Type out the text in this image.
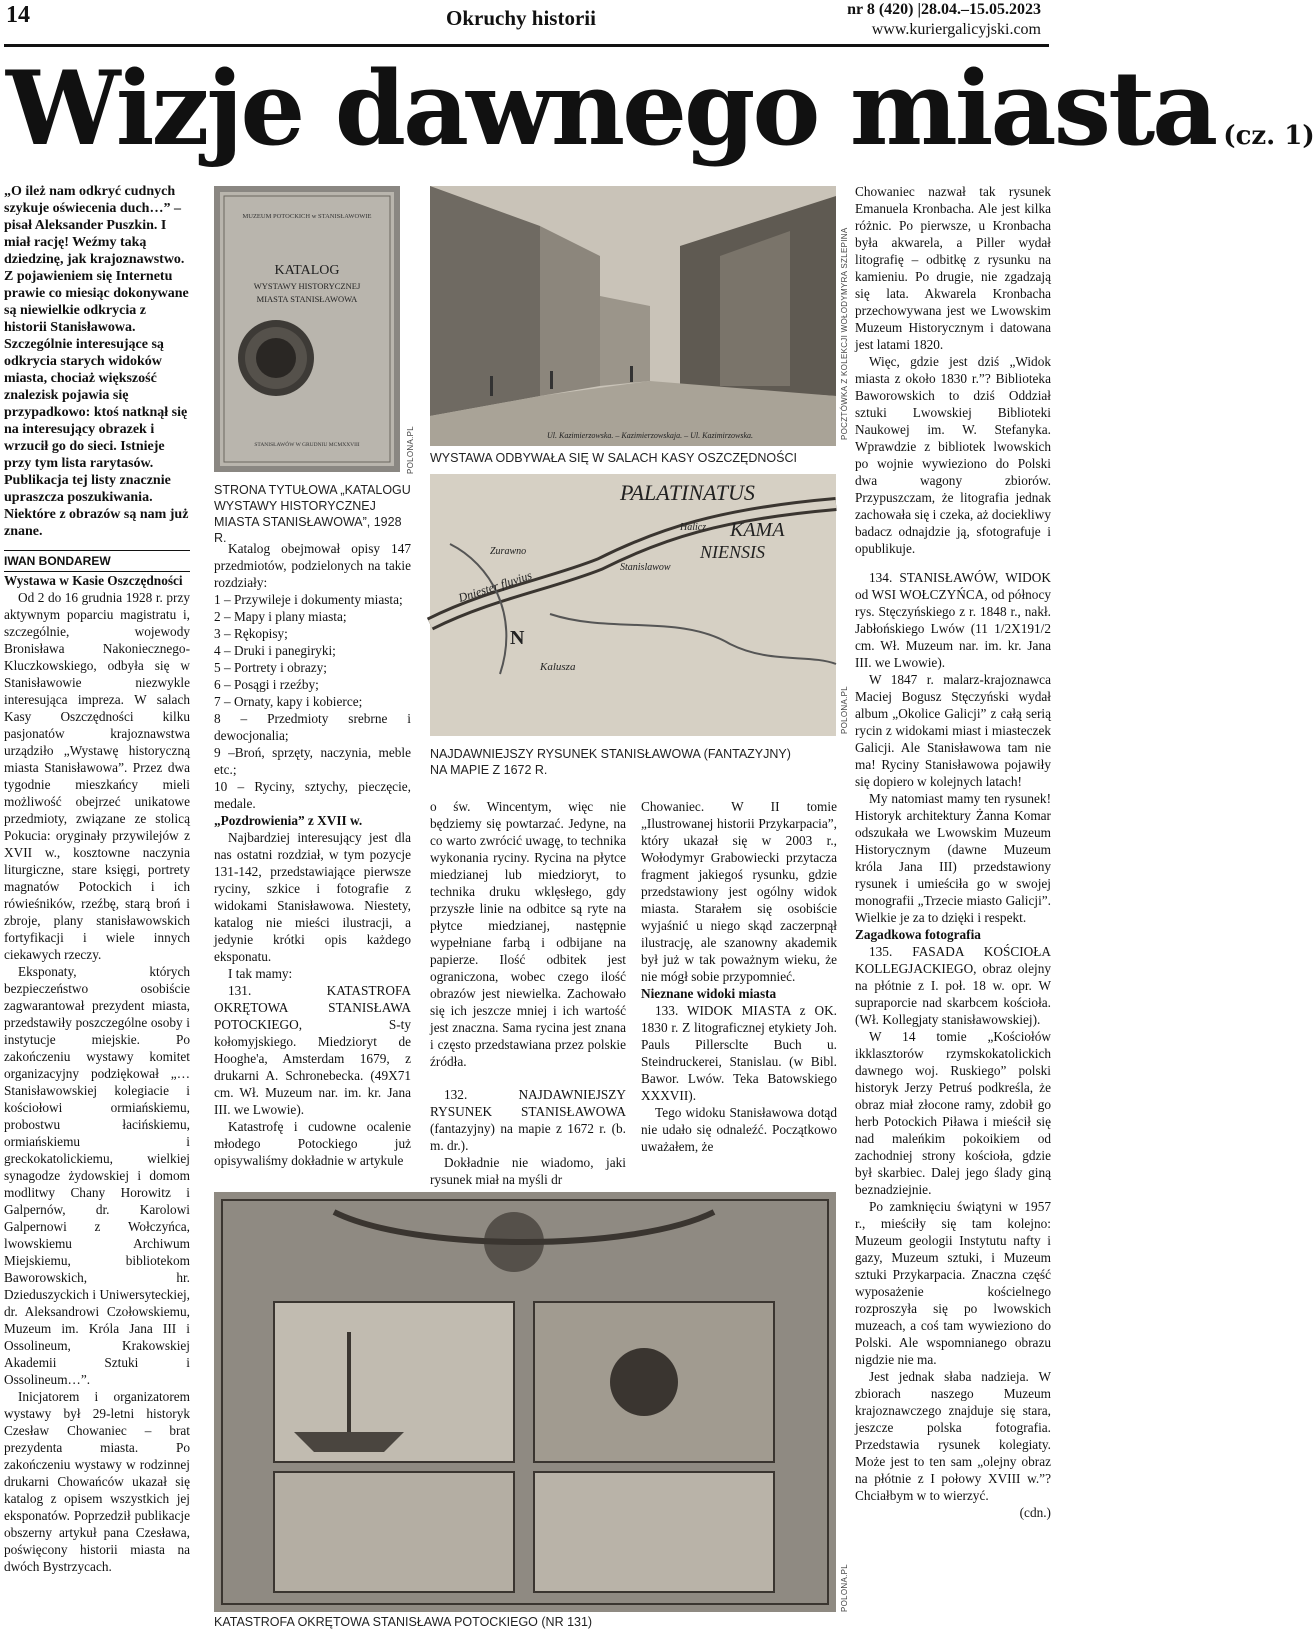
14	Okruchy historii	nr 8 (420) |28.04.–15.05.2023
www.kuriergalicyjski.com
Wizje dawnego miasta (cz. 1)

„O ileż nam odkryć cudnych szykuje oświecenia duch…” – pisał Aleksander Puszkin. I miał rację! Weźmy taką dziedzinę, jak krajoznawstwo. Z pojawieniem się Internetu prawie co miesiąc dokonywane są niewielkie odkrycia z historii Stanisławowa. Szczególnie interesujące są odkrycia starych widoków miasta, chociaż większość znalezisk pojawia się przypadkowo: ktoś natknął się na interesujący obrazek i wrzucił go do sieci. Istnieje przy tym lista rarytasów. Publikacja tej listy znacznie upraszcza poszukiwania. Niektóre z obrazów są nam już znane.

IWAN BONDAREW

Wystawa w Kasie Oszczędności

Od 2 do 16 grudnia 1928 r. przy aktywnym poparciu magistratu i, szczególnie, wojewody Bronisława Nakoniecznego-Kluczkowskiego, odbyła się w Stanisławowie niezwykle interesująca impreza. W salach Kasy Oszczędności kilku pasjonatów krajoznawstwa urządziło „Wystawę historyczną miasta Stanisławowa”. Przez dwa tygodnie mieszkańcy mieli możliwość obejrzeć unikatowe przedmioty, związane ze stolicą Pokucia: oryginały przywilejów z XVII w., kosztowne naczynia liturgiczne, stare księgi, portrety magnatów Potockich i ich rówieśników, rzeźbę, starą broń i zbroje, plany stanisławowskich fortyfikacji i wiele innych ciekawych rzeczy.

Eksponaty, których bezpieczeństwo osobiście zagwarantował prezydent miasta, przedstawiły poszczególne osoby i instytucje miejskie. Po zakończeniu wystawy komitet organizacyjny podziękował „…Stanisławowskiej kolegiacie i kościołowi ormiańskiemu, probostwu łacińskiemu, ormiańskiemu i greckokatolickiemu, wielkiej synagodze żydowskiej i domom modlitwy Chany Horowitz i Galpernów, dr. Karolowi Galpernowi z Wołczyńca, lwowskiemu Archiwum Miejskiemu, bibliotekom Baworowskich, hr. Dzieduszyckich i Uniwersyteckiej, dr. Aleksandrowi Czołowskiemu, Muzeum im. Króla Jana III i Ossolineum, Krakowskiej Akademii Sztuki i Ossolineum…”.

Inicjatorem i organizatorem wystawy był 29-letni historyk Czesław Chowaniec – brat prezydenta miasta. Po zakończeniu wystawy w rodzinnej drukarni Chowańców ukazał się katalog z opisem wszystkich jej eksponatów. Poprzedził publikacje obszerny artykuł pana Czesława, poświęcony historii miasta na dwóch Bystrzycach.

MUZEUM POTOCKICH w STANISŁAWOWIE
KATALOG
WYSTAWY HISTORYCZNEJ
MIASTA STANISŁAWOWA
STANISŁAWÓW W GRUDNIU MCMXXVIII	POLONA.PL
STRONA TYTUŁOWA „KATALOGU WYSTAWY HISTORYCZNEJ MIASTA STANISŁAWOWA”, 1928 R.

Katalog obejmował opisy 147 przedmiotów, podzielonych na takie rozdziały:

1 – Przywileje i dokumenty miasta;

2 – Mapy i plany miasta;

3 – Rękopisy;

4 – Druki i panegiryki;

5 – Portrety i obrazy;

6 – Posągi i rzeźby;

7 – Ornaty, kapy i kobierce;

8 – Przedmioty srebrne i dewocjonalia;

9 –Broń, sprzęty, naczynia, meble etc.;

10 – Ryciny, sztychy, pieczęcie, medale.

„Pozdrowienia” z XVII w.

Najbardziej interesujący jest dla nas ostatni rozdział, w tym pozycje 131-142, przedstawiające pierwsze ryciny, szkice i fotografie z widokami Stanisławowa. Niestety, katalog nie mieści ilustracji, a jedynie krótki opis każdego eksponatu.

I tak mamy:

131. KATASTROFA OKRĘTOWA STANISŁAWA POTOCKIEGO, S-ty kołomyjskiego. Miedzioryt de Hooghe'a, Amsterdam 1679, z drukarni A. Schronebecka. (49X71 cm. Wł. Muzeum nar. im. kr. Jana III. we Lwowie).

Katastrofę i cudowne ocalenie młodego Potockiego już opisywaliśmy dokładnie w artykule

Ul. Kazimierzowska. – Kazimierzowskaja. – Ul. Kazimirzowska.	POCZTÓWKA Z KOLEKCJI WOŁODYMYRA SZLEPINA
WYSTAWA ODBYWAŁA SIĘ W SALACH KASY OSZCZĘDNOŚCI
PALATINATUS
KAMA
NIENSIS
Stanislawow
Halicz
Zurawno
Kalusza
Dniester fluvius
N
POLONA.PL
NAJDAWNIEJSZY RYSUNEK STANISŁAWOWA (FANTAZYJNY) NA MAPIE Z 1672 R.

o św. Wincentym, więc nie będziemy się powtarzać. Jedyne, na co warto zwrócić uwagę, to technika wykonania ryciny. Rycina na płytce miedzianej lub miedzioryt, to technika druku wklęsłego, gdy przyszłe linie na odbitce są ryte na płytce miedzianej, następnie wypełniane farbą i odbijane na papierze. Ilość odbitek jest ograniczona, wobec czego ilość obrazów jest niewielka. Zachowało się ich jeszcze mniej i ich wartość jest znaczna. Sama rycina jest znana i często przedstawiana przez polskie źródła.

132. NAJDAWNIEJSZY RYSUNEK STANISŁAWOWA (fantazyjny) na mapie z 1672 r. (b. m. dr.).

Dokładnie nie wiadomo, jaki rysunek miał na myśli dr

Chowaniec. W II tomie „Ilustrowanej historii Przykarpacia”, który ukazał się w 2003 r., Wołodymyr Grabowiecki przytacza fragment jakiegoś rysunku, gdzie przedstawiony jest ogólny widok miasta. Starałem się osobiście wyjaśnić u niego skąd zaczerpnął ilustrację, ale szanowny akademik był już w tak poważnym wieku, że nie mógł sobie przypomnieć.

Nieznane widoki miasta

133. WIDOK MIASTA z OK. 1830 r. Z litograficznej etykiety Joh. Pauls Pillersclte Buch u. Steindruckerei, Stanislau. (w Bibl. Bawor. Lwów. Teka Batowskiego XXXVII).

Tego widoku Stanisławowa dotąd nie udało się odnaleźć. Początkowo uważałem, że

POLONA.PL
KATASTROFA OKRĘTOWA STANISŁAWA POTOCKIEGO (NR 131)

Chowaniec nazwał tak rysunek Emanuela Kronbacha. Ale jest kilka różnic. Po pierwsze, u Kronbacha była akwarela, a Piller wydał litografię – odbitkę z rysunku na kamieniu. Po drugie, nie zgadzają się lata. Akwarela Kronbacha przechowywana jest we Lwowskim Muzeum Historycznym i datowana jest latami 1820.

Więc, gdzie jest dziś „Widok miasta z około 1830 r.”? Biblioteka Baworowskich to dziś Oddział sztuki Lwowskiej Biblioteki Naukowej im. W. Stefanyka. Wprawdzie z bibliotek lwowskich po wojnie wywieziono do Polski dwa wagony zbiorów. Przypuszczam, że litografia jednak zachowała się i czeka, aż dociekliwy badacz odnajdzie ją, sfotografuje i opublikuje.

134. STANISŁAWÓW, WIDOK od WSI WOŁCZYŃCA, od północy rys. Stęczyńskiego z r. 1848 r., nakł. Jabłońskiego Lwów (11 1/2X191/2 cm. Wł. Muzeum nar. im. kr. Jana III. we Lwowie).

W 1847 r. malarz-krajoznawca Maciej Bogusz Stęczyński wydał album „Okolice Galicji” z całą serią rycin z widokami miast i miasteczek Galicji. Ale Stanisławowa tam nie ma! Ryciny Stanisławowa pojawiły się dopiero w kolejnych latach!

My natomiast mamy ten rysunek! Historyk architektury Żanna Komar odszukała we Lwowskim Muzeum Historycznym (dawne Muzeum króla Jana III) przedstawiony rysunek i umieściła go w swojej monografii „Trzecie miasto Galicji”. Wielkie je za to dzięki i respekt.

Zagadkowa fotografia

135. FASADA KOŚCIOŁA KOLLEGJACKIEGO, obraz olejny na płótnie z I. poł. 18 w. opr. W supraporcie nad skarbcem kościoła. (Wł. Kollegjaty stanisławowskiej).

W 14 tomie „Kościołów ikklasztorów rzymskokatolickich dawnego woj. Ruskiego” polski historyk Jerzy Petruś podkreśla, że obraz miał złocone ramy, zdobił go herb Potockich Piława i mieścił się nad maleńkim pokoikiem od zachodniej strony kościoła, gdzie był skarbiec. Dalej jego ślady giną beznadziejnie.

Po zamknięciu świątyni w 1957 r., mieściły się tam kolejno: Muzeum geologii Instytutu nafty i gazy, Muzeum sztuki, i Muzeum sztuki Przykarpacia. Znaczna część wyposażenie kościelnego rozproszyła się po lwowskich muzeach, a coś tam wywieziono do Polski. Ale wspomnianego obrazu nigdzie nie ma.

Jest jednak słaba nadzieja. W zbiorach naszego Muzeum krajoznawczego znajduje się stara, jeszcze polska fotografia. Przedstawia rysunek kolegiaty. Może jest to ten sam „olejny obraz na płótnie z I połowy XVIII w.”? Chciałbym w to wierzyć.

(cdn.)
